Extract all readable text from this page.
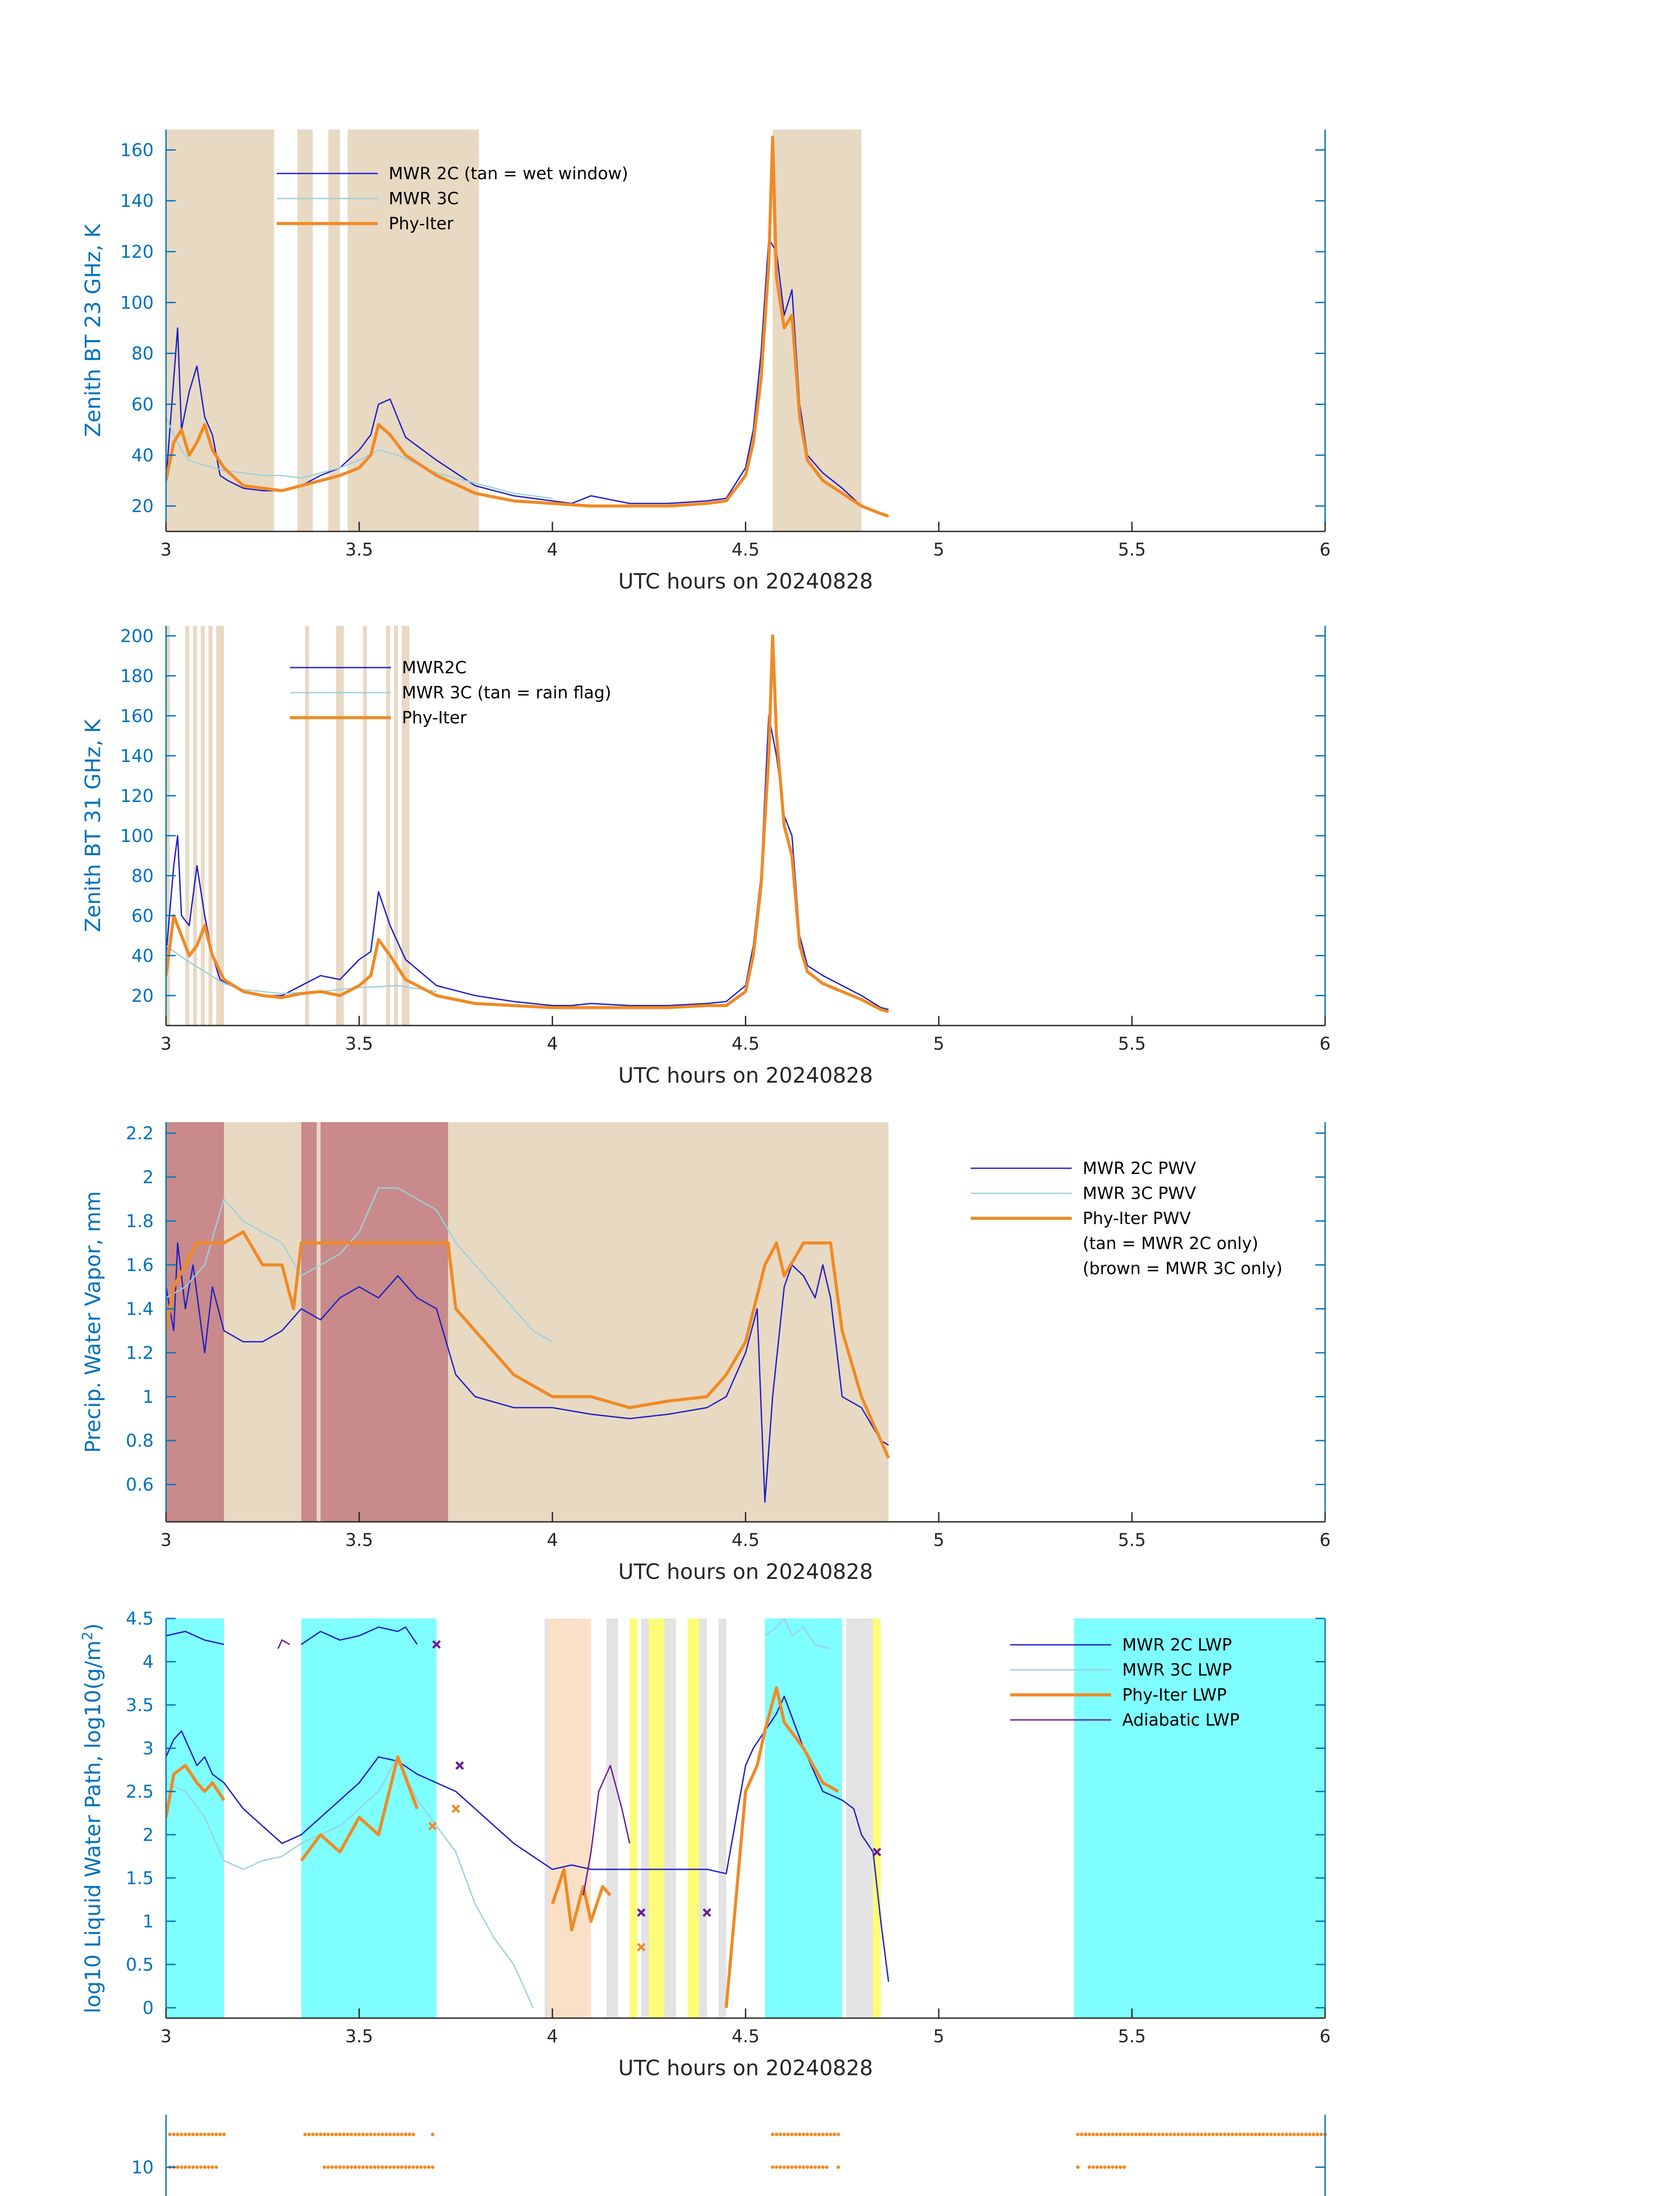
3	3.5	4	4.5	5	5.5	6
20
40
60
80
100
120
140
160
UTC hours on 20240828
Zenith BT 23 GHz, K
MWR 2C (tan = wet window)
MWR 3C
Phy-Iter
3	3.5	4	4.5	5	5.5	6
20
40
60
80
100
120
140
160
180
200
UTC hours on 20240828
Zenith BT 31 GHz, K
MWR2C
MWR 3C (tan = rain flag)
Phy-Iter
3	3.5	4	4.5	5	5.5	6
0.6
0.8
1
1.2
1.4
1.6
1.8
2
2.2
UTC hours on 20240828
Precip. Water Vapor, mm
MWR 2C PWV
MWR 3C PWV
Phy-Iter PWV
(tan = MWR 2C only)
(brown = MWR 3C only)
3	3.5	4	4.5	5	5.5	6
0
0.5
1
1.5
2
2.5
3
3.5
4
4.5
UTC hours on 20240828
log10 Liquid Water Path, $\log 10(g/m^2)$
MWR 2C LWP
MWR 3C LWP
Phy-Iter LWP
Adiabatic LWP
10
